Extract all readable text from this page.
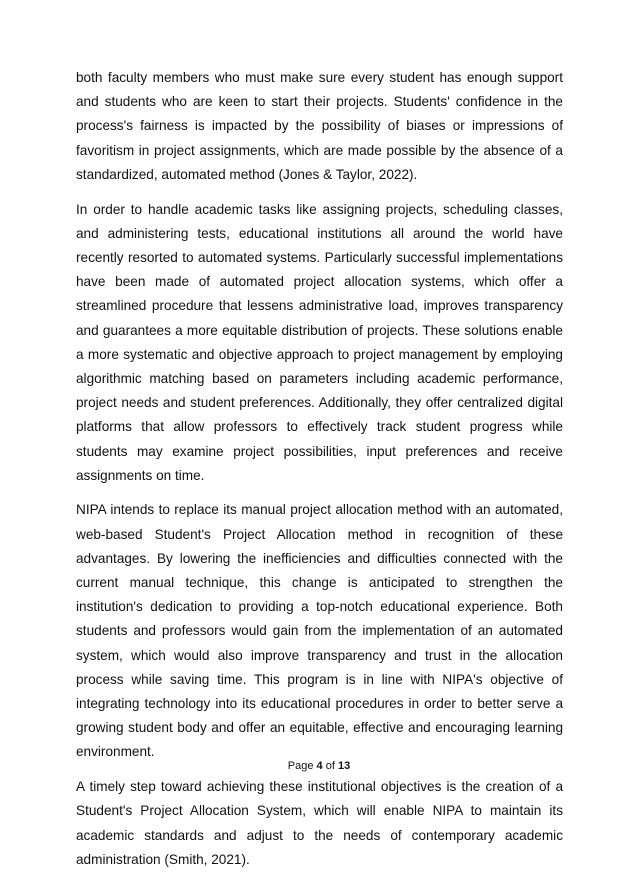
both faculty members who must make sure every student has enough support and students who are keen to start their projects. Students' confidence in the process's fairness is impacted by the possibility of biases or impressions of favoritism in project assignments, which are made possible by the absence of a standardized, automated method (Jones & Taylor, 2022).

In order to handle academic tasks like assigning projects, scheduling classes, and administering tests, educational institutions all around the world have recently resorted to automated systems. Particularly successful implementations have been made of automated project allocation systems, which offer a streamlined procedure that lessens administrative load, improves transparency and guarantees a more equitable distribution of projects. These solutions enable a more systematic and objective approach to project management by employing algorithmic matching based on parameters including academic performance, project needs and student preferences. Additionally, they offer centralized digital platforms that allow professors to effectively track student progress while students may examine project possibilities, input preferences and receive assignments on time.

NIPA intends to replace its manual project allocation method with an automated, web-based Student's Project Allocation method in recognition of these advantages. By lowering the inefficiencies and difficulties connected with the current manual technique, this change is anticipated to strengthen the institution's dedication to providing a top-notch educational experience. Both students and professors would gain from the implementation of an automated system, which would also improve transparency and trust in the allocation process while saving time. This program is in line with NIPA's objective of integrating technology into its educational procedures in order to better serve a growing student body and offer an equitable, effective and encouraging learning environment.

A timely step toward achieving these institutional objectives is the creation of a Student's Project Allocation System, which will enable NIPA to maintain its academic standards and adjust to the needs of contemporary academic administration (Smith, 2021).

Page 4 of 13
